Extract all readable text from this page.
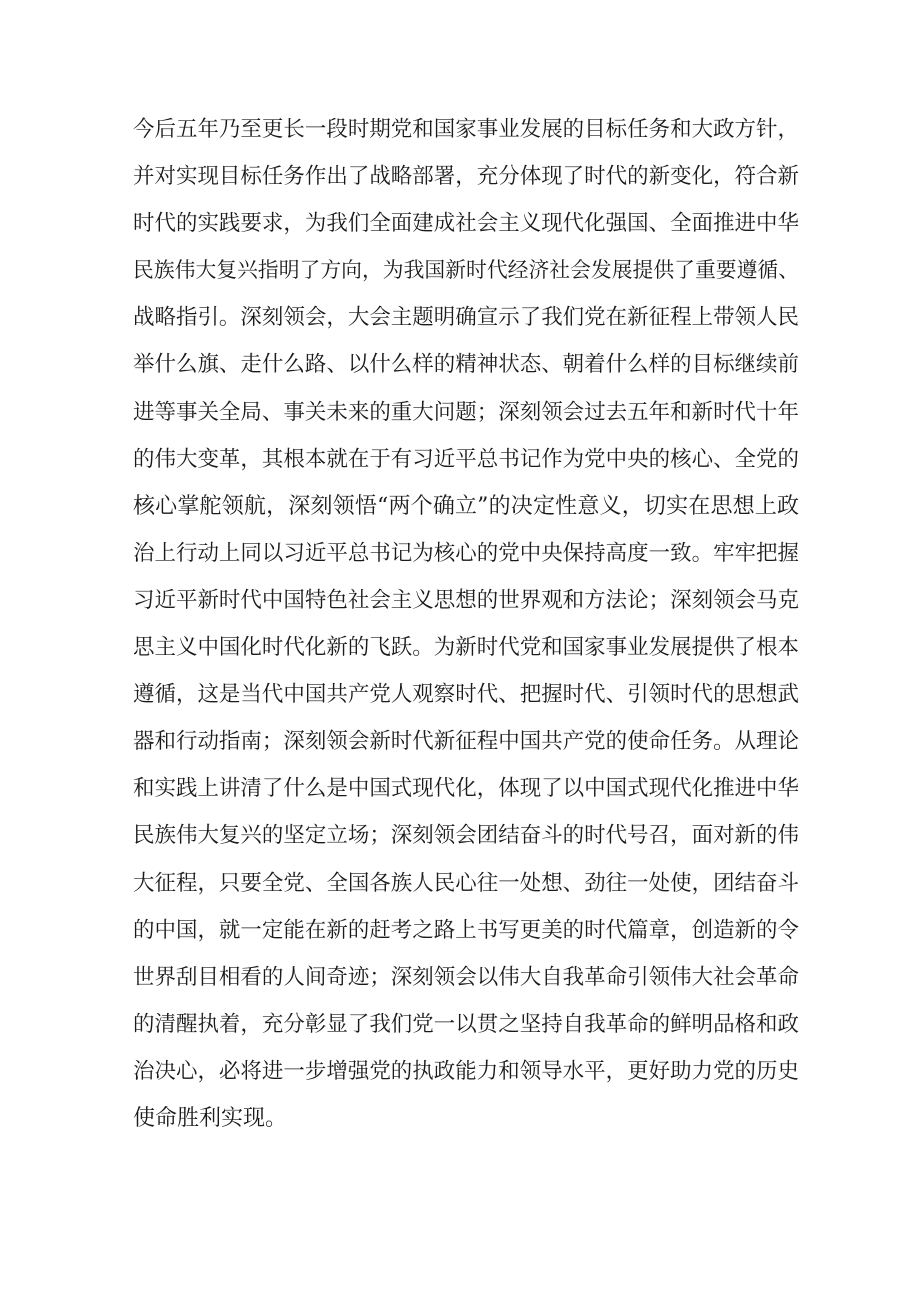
今后五年乃至更长一段时期党和国家事业发展的目标任务和大政方针，
并对实现目标任务作出了战略部署，充分体现了时代的新变化，符合新
时代的实践要求，为我们全面建成社会主义现代化强国、全面推进中华
民族伟大复兴指明了方向，为我国新时代经济社会发展提供了重要遵循、
战略指引。深刻领会，大会主题明确宣示了我们党在新征程上带领人民
举什么旗、走什么路、以什么样的精神状态、朝着什么样的目标继续前
进等事关全局、事关未来的重大问题；深刻领会过去五年和新时代十年
的伟大变革，其根本就在于有习近平总书记作为党中央的核心、全党的
核心掌舵领航，深刻领悟“两个确立”的决定性意义，切实在思想上政
治上行动上同以习近平总书记为核心的党中央保持高度一致。牢牢把握
习近平新时代中国特色社会主义思想的世界观和方法论；深刻领会马克
思主义中国化时代化新的飞跃。为新时代党和国家事业发展提供了根本
遵循，这是当代中国共产党人观察时代、把握时代、引领时代的思想武
器和行动指南；深刻领会新时代新征程中国共产党的使命任务。从理论
和实践上讲清了什么是中国式现代化，体现了以中国式现代化推进中华
民族伟大复兴的坚定立场；深刻领会团结奋斗的时代号召，面对新的伟
大征程，只要全党、全国各族人民心往一处想、劲往一处使，团结奋斗
的中国，就一定能在新的赶考之路上书写更美的时代篇章，创造新的令
世界刮目相看的人间奇迹；深刻领会以伟大自我革命引领伟大社会革命
的清醒执着，充分彰显了我们党一以贯之坚持自我革命的鲜明品格和政
治决心，必将进一步增强党的执政能力和领导水平，更好助力党的历史
使命胜利实现。
